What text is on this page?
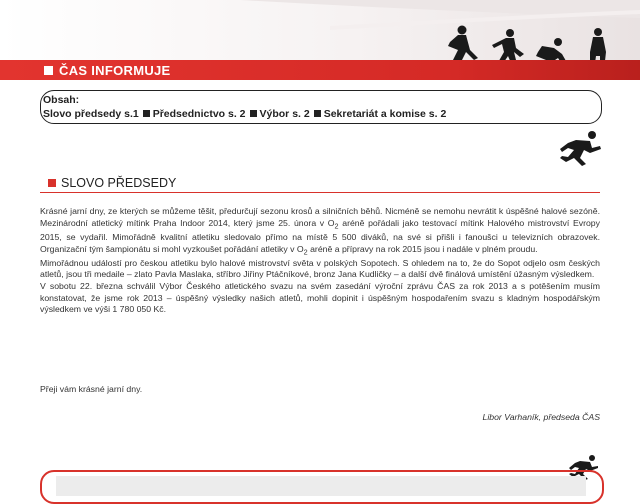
ČAS INFORMUJE
Obsah:
Slovo předsedy s.1 Předsednictvo s. 2 Výbor s. 2 Sekretariát a komise s. 2
SLOVO PŘEDSEDY

Krásné jarní dny, ze kterých se můžeme těšit, předurčují sezonu krosů a silničních běhů. Nicméně se nemohu nevrátit k úspěšné halové sezóně. Mezinárodní atletický mítink Praha Indoor 2014, který jsme 25. února v $O_2$ aréně pořádali jako testovací mítink Halového mistrovství Evropy 2015, se vydařil. Mimořádně kvalitní atletiku sledovalo přímo na místě 5 500 diváků, na své si přišli i fanoušci u televizních obrazovek. Organizační tým šampionátu si mohl vyzkoušet pořádání atletiky v $O_2$ aréně a přípravy na rok 2015 jsou i nadále v plném proudu.

Mimořádnou událostí pro českou atletiku bylo halové mistrovství světa v polských Sopotech. S ohledem na to, že do Sopot odjelo osm českých atletů, jsou tři medaile – zlato Pavla Maslaka, stříbro Jiřiny Ptáčníkové, bronz Jana Kudličky – a další dvě finálová umístění úžasným výsledkem.

V sobotu 22. března schválil Výbor Českého atletického svazu na svém zasedání výroční zprávu ČAS za rok 2013 a s potěšením musím konstatovat, že jsme rok 2013 – úspěšný výsledky našich atletů, mohli dopinit i úspěšným hospodařením svazu s kladným hospodářským výsledkem ve výši 1 780 050 Kč.

Přeji vám krásné jarní dny.
Libor Varhaník, předseda ČAS
